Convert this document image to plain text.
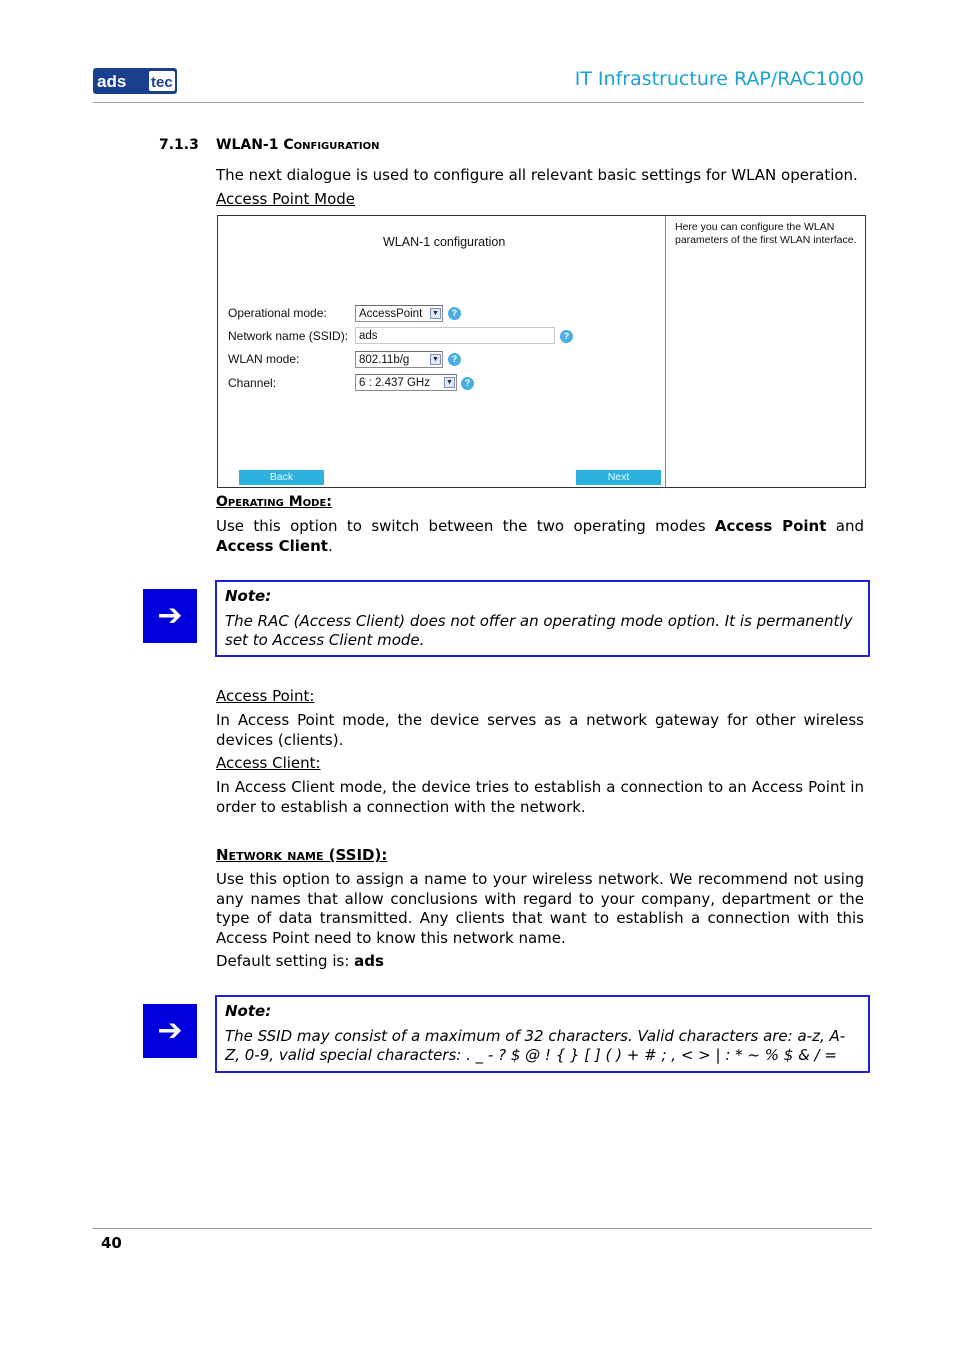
ads tec	IT Infrastructure RAP/RAC1000
7.1.3 WLAN-1 Configuration
The next dialogue is used to configure all relevant basic settings for WLAN operation.
Access Point Mode
WLAN-1 configuration
Operational mode:	AccessPoint ▼	?
Network name (SSID): ads	?
WLAN mode:	802.11b/g	▼	?
Channel:	6 : 2.437 GHz ▼	?
Back	Next
Here you can configure the WLAN parameters of the first WLAN interface.
Operating Mode:
Use this option to switch between the two operating modes Access Point and Access Client.
➔
Note:
The RAC (Access Client) does not offer an operating mode option. It is permanently set to Access Client mode.
Access Point:
In Access Point mode, the device serves as a network gateway for other wireless devices (clients).
Access Client:
In Access Client mode, the device tries to establish a connection to an Access Point in order to establish a connection with the network.
Network name (SSID):
Use this option to assign a name to your wireless network. We recommend not using any names that allow conclusions with regard to your company, department or the type of data transmitted. Any clients that want to establish a connection with this Access Point need to know this network name.
Default setting is: ads
➔
Note:
The SSID may consist of a maximum of 32 characters. Valid characters are: a-z, A-Z, 0-9, valid special characters: . _ - ? $ @ ! { } [ ] ( ) + # ; , < > | : * ~ % $ & / =
40
